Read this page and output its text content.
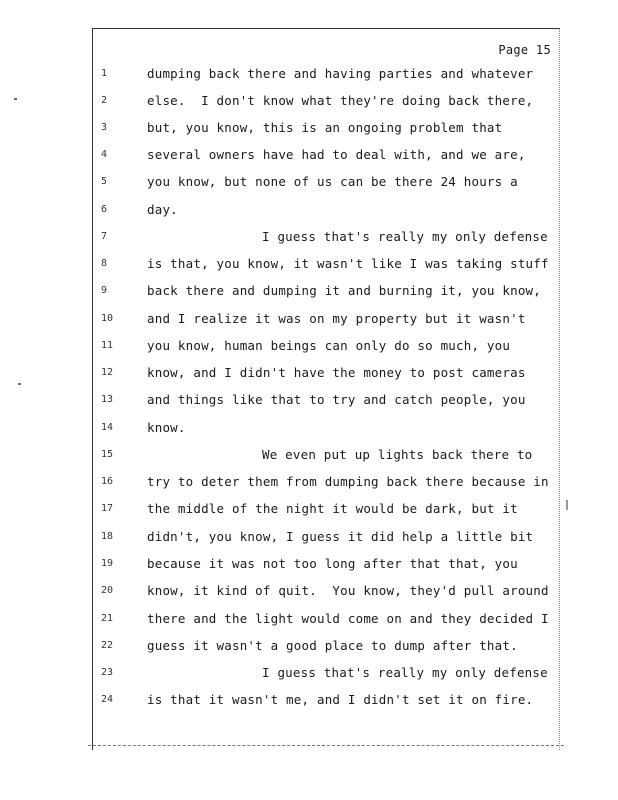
Page 15
1	dumping back there and having parties and whatever
2	else.  I don't know what they're doing back there,
3	but, you know, this is an ongoing problem that
4	several owners have had to deal with, and we are,
5	you know, but none of us can be there 24 hours a
6	day.
7	I guess that's really my only defense
8	is that, you know, it wasn't like I was taking stuff
9	back there and dumping it and burning it, you know,
10	and I realize it was on my property but it wasn't
11	you know, human beings can only do so much, you
12	know, and I didn't have the money to post cameras
13	and things like that to try and catch people, you
14	know.
15	We even put up lights back there to
16	try to deter them from dumping back there because in
17	the middle of the night it would be dark, but it
18	didn't, you know, I guess it did help a little bit
19	because it was not too long after that that, you
20	know, it kind of quit.  You know, they'd pull around
21	there and the light would come on and they decided I
22	guess it wasn't a good place to dump after that.
23	I guess that's really my only defense
24	is that it wasn't me, and I didn't set it on fire.
